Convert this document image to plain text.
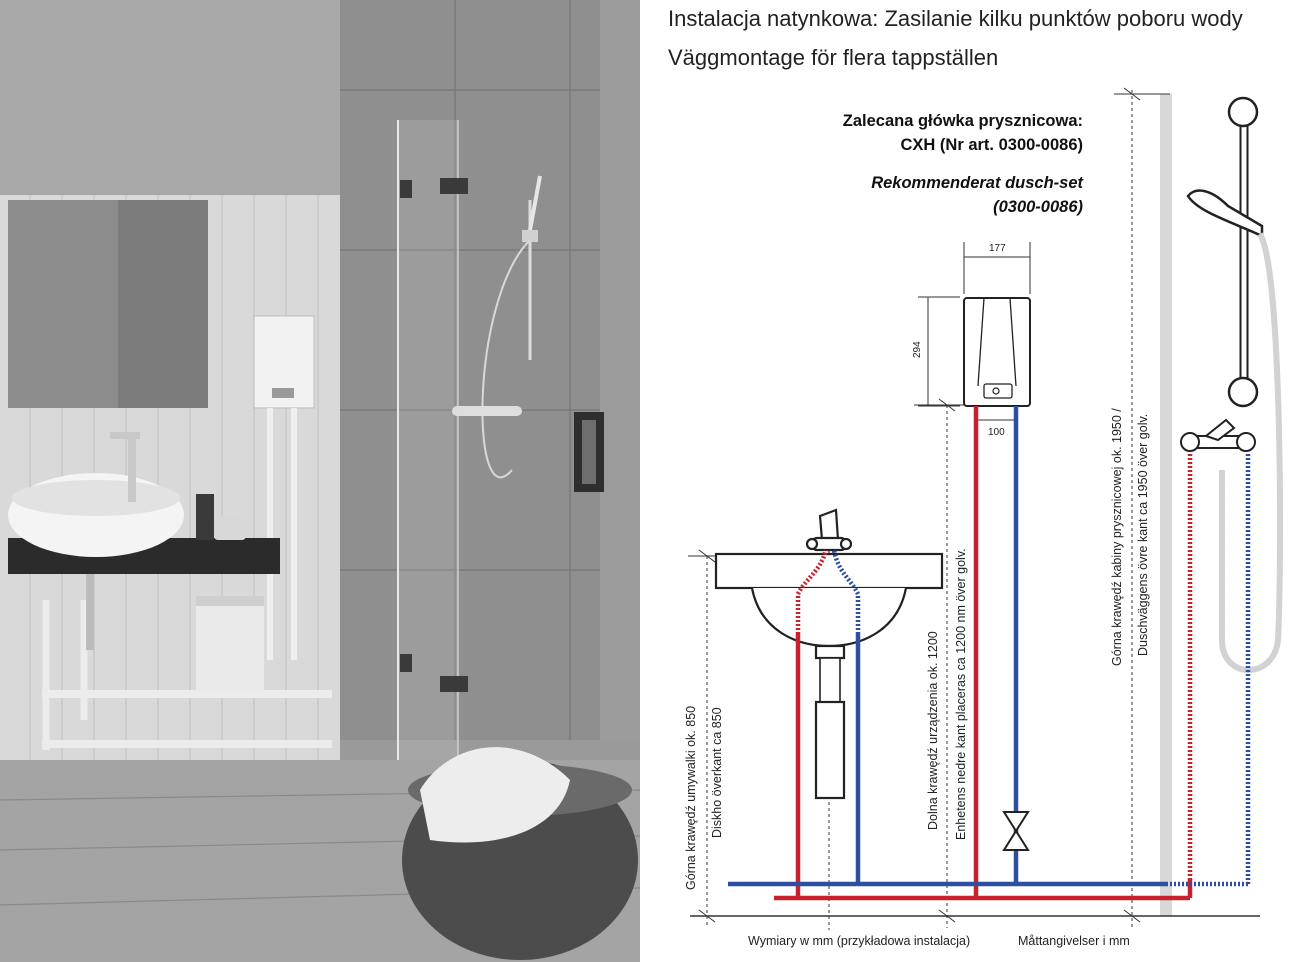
Instalacja natynkowa: Zasilanie kilku punktów poboru wody
Väggmontage för flera tappställen
Zalecana główka prysznicowa:
CXH (Nr art. 0300-0086)
Rekommenderat dusch-set
(0300-0086)
177
294
100
Górna krawędź umywalki ok. 850 Diskho överkant ca 850	Dolna krawędź urządzenia ok. 1200 Enhetens nedre kant placeras ca 1200 nm över golv.
Górna krawędź kabiny prysznicowej ok. 1950 / Duschväggens övre kant ca 1950 över golv.
Wymiary w mm (przykładowa instalacja)	Måttangivelser i mm
